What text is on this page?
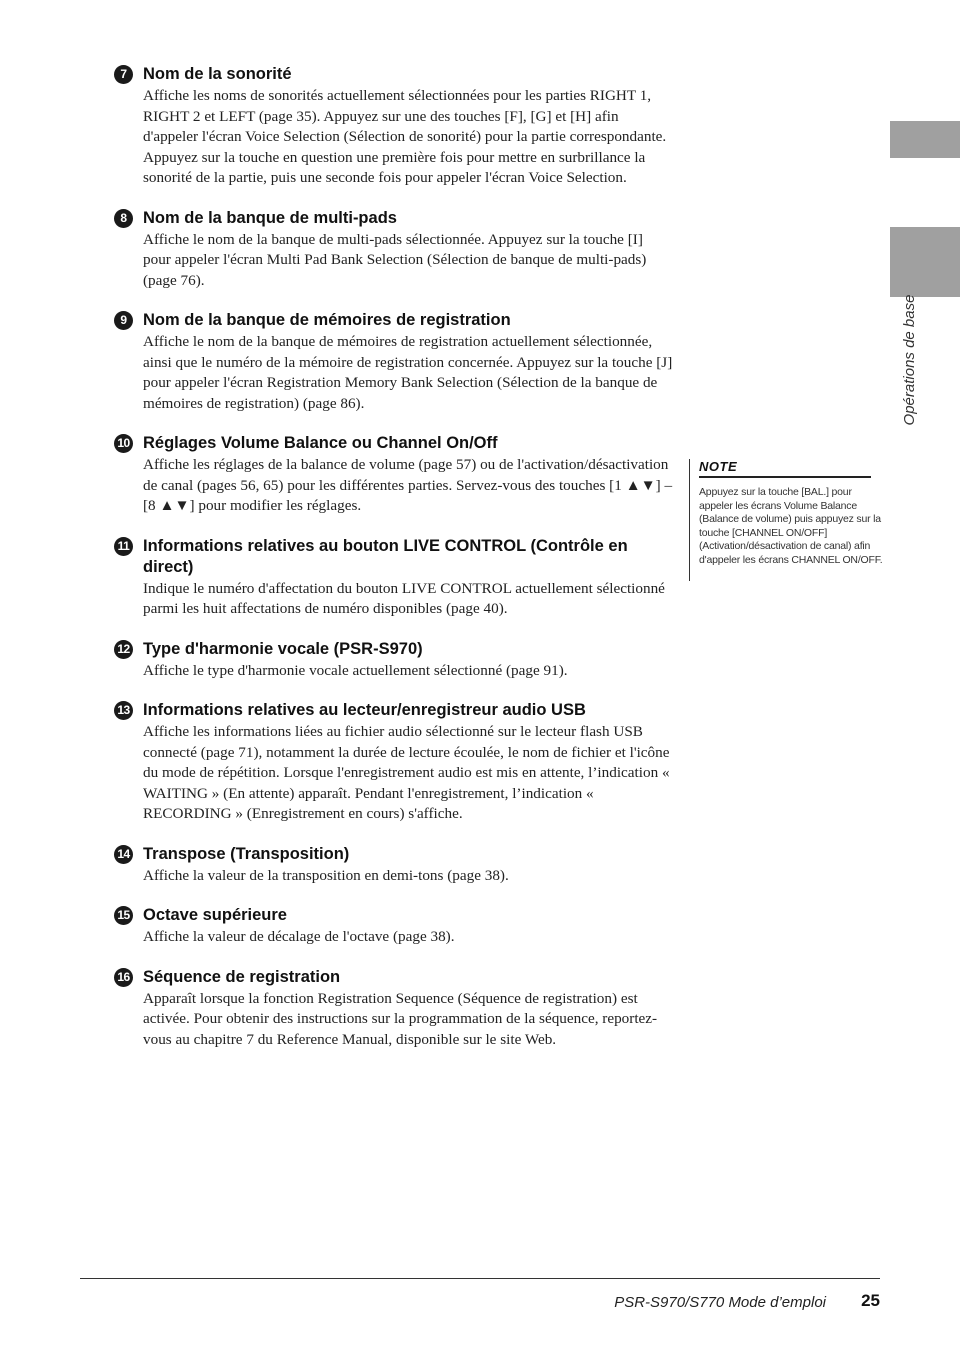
7 Nom de la sonorité
Affiche les noms de sonorités actuellement sélectionnées pour les parties RIGHT 1, RIGHT 2 et LEFT (page 35). Appuyez sur une des touches [F], [G] et [H] afin d'appeler l'écran Voice Selection (Sélection de sonorité) pour la partie correspondante. Appuyez sur la touche en question une première fois pour mettre en surbrillance la sonorité de la partie, puis une seconde fois pour appeler l'écran Voice Selection.
8 Nom de la banque de multi-pads
Affiche le nom de la banque de multi-pads sélectionnée. Appuyez sur la touche [I] pour appeler l'écran Multi Pad Bank Selection (Sélection de banque de multi-pads) (page 76).
9 Nom de la banque de mémoires de registration
Affiche le nom de la banque de mémoires de registration actuellement sélectionnée, ainsi que le numéro de la mémoire de registration concernée. Appuyez sur la touche [J] pour appeler l'écran Registration Memory Bank Selection (Sélection de la banque de mémoires de registration) (page 86).
10 Réglages Volume Balance ou Channel On/Off
Affiche les réglages de la balance de volume (page 57) ou de l'activation/désactivation de canal (pages 56, 65) pour les différentes parties. Servez-vous des touches [1 ▲▼] – [8 ▲▼] pour modifier les réglages.
11 Informations relatives au bouton LIVE CONTROL (Contrôle en direct)
Indique le numéro d'affectation du bouton LIVE CONTROL actuellement sélectionné parmi les huit affectations de numéro disponibles (page 40).
12 Type d'harmonie vocale (PSR-S970)
Affiche le type d'harmonie vocale actuellement sélectionné (page 91).
13 Informations relatives au lecteur/enregistreur audio USB
Affiche les informations liées au fichier audio sélectionné sur le lecteur flash USB connecté (page 71), notamment la durée de lecture écoulée, le nom de fichier et l'icône du mode de répétition. Lorsque l'enregistrement audio est mis en attente, l’indication « WAITING » (En attente) apparaît. Pendant l'enregistrement, l’indication « RECORDING » (Enregistrement en cours) s'affiche.
14 Transpose (Transposition)
Affiche la valeur de la transposition en demi-tons (page 38).
15 Octave supérieure
Affiche la valeur de décalage de l'octave (page 38).
16 Séquence de registration
Apparaît lorsque la fonction Registration Sequence (Séquence de registration) est activée. Pour obtenir des instructions sur la programmation de la séquence, reportez-vous au chapitre 7 du Reference Manual, disponible sur le site Web.
Opérations de base
NOTE
Appuyez sur la touche [BAL.] pour appeler les écrans Volume Balance (Balance de volume) puis appuyez sur la touche [CHANNEL ON/OFF] (Activation/désactivation de canal) afin d'appeler les écrans CHANNEL ON/OFF.
PSR-S970/S770 Mode d’emploi	25
